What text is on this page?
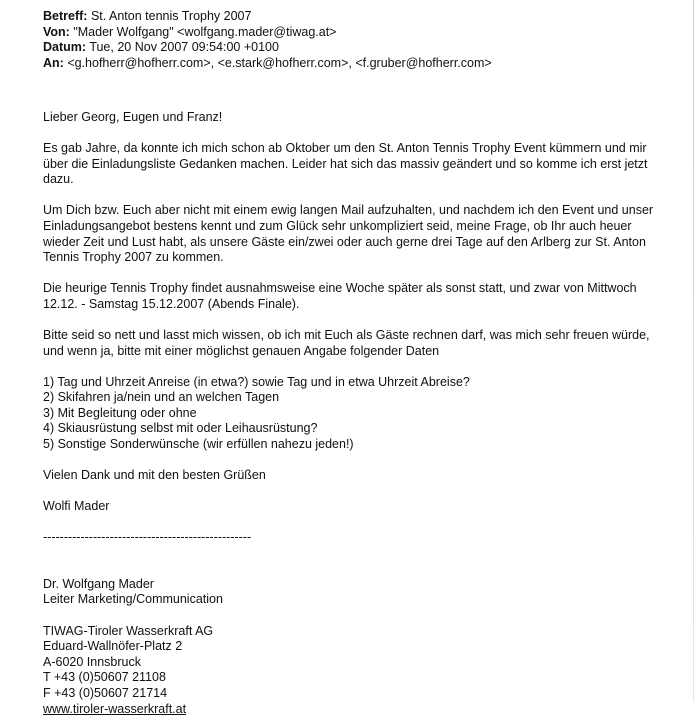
Betreff: St. Anton tennis Trophy 2007
Von: "Mader Wolfgang" <wolfgang.mader@tiwag.at>
Datum: Tue, 20 Nov 2007 09:54:00 +0100
An: <g.hofherr@hofherr.com>, <e.stark@hofherr.com>, <f.gruber@hofherr.com>
Lieber Georg, Eugen und Franz!
Es gab Jahre, da konnte ich mich schon ab Oktober um den St. Anton Tennis Trophy Event kümmern und mir
über die Einladungsliste Gedanken machen. Leider hat sich das massiv geändert und so komme ich erst jetzt
dazu.
Um Dich bzw. Euch aber nicht mit einem ewig langen Mail aufzuhalten, und nachdem ich den Event und unser
Einladungsangebot bestens kennt und zum Glück sehr unkompliziert seid, meine Frage, ob Ihr auch heuer
wieder Zeit und Lust habt, als unsere Gäste ein/zwei oder auch gerne drei Tage auf den Arlberg zur St. Anton
Tennis Trophy 2007 zu kommen.
Die heurige Tennis Trophy findet ausnahmsweise eine Woche später als sonst statt, und zwar von Mittwoch
12.12. - Samstag 15.12.2007 (Abends Finale).
Bitte seid so nett und lasst mich wissen, ob ich mit Euch als Gäste rechnen darf, was mich sehr freuen würde,
und wenn ja, bitte mit einer möglichst genauen Angabe folgender Daten
1) Tag und Uhrzeit Anreise (in etwa?) sowie Tag und in etwa Uhrzeit Abreise?
2) Skifahren ja/nein und an welchen Tagen
3) Mit Begleitung oder ohne
4) Skiausrüstung selbst mit oder Leihausrüstung?
5) Sonstige Sonderwünsche (wir erfüllen nahezu jeden!)
Vielen Dank und mit den besten Grüßen
Wolfi Mader
--------------------------------------------------
Dr. Wolfgang Mader
Leiter Marketing/Communication
TIWAG-Tiroler Wasserkraft AG
Eduard-Wallnöfer-Platz 2
A-6020 Innsbruck
T +43 (0)50607 21108
F +43 (0)50607 21714
www.tiroler-wasserkraft.at
